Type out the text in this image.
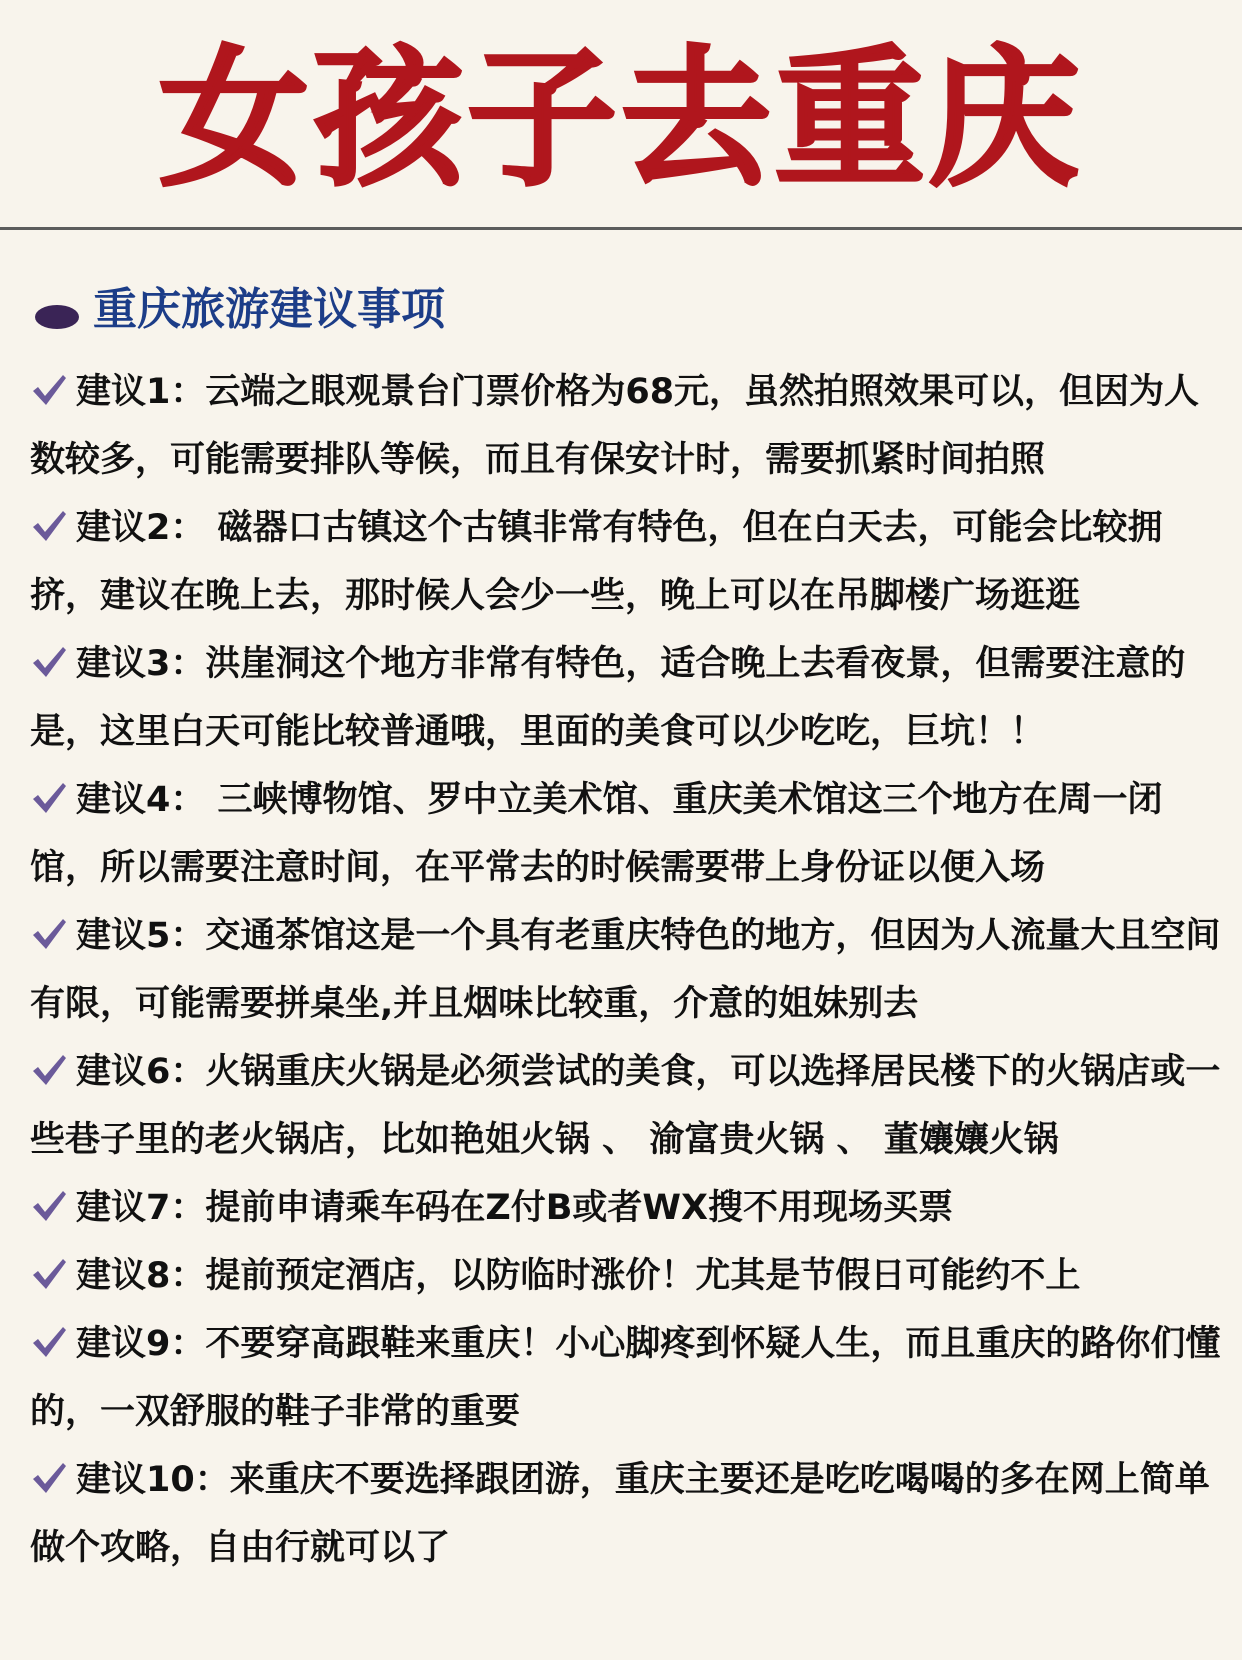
女孩子去重庆
重庆旅游建议事项
建议1：云端之眼观景台门票价格为68元，虽然拍照效果可以，但因为人数较多，可能需要排队等候，而且有保安计时，需要抓紧时间拍照
建议2： 磁器口古镇这个古镇非常有特色，但在白天去，可能会比较拥挤，建议在晚上去，那时候人会少一些，晚上可以在吊脚楼广场逛逛
建议3：洪崖洞这个地方非常有特色，适合晚上去看夜景，但需要注意的是，这里白天可能比较普通哦，里面的美食可以少吃吃，巨坑！！
建议4： 三峡博物馆、罗中立美术馆、重庆美术馆这三个地方在周一闭馆，所以需要注意时间，在平常去的时候需要带上身份证以便入场
建议5：交通茶馆这是一个具有老重庆特色的地方，但因为人流量大且空间有限，可能需要拼桌坐,并且烟味比较重，介意的姐妹别去
建议6：火锅重庆火锅是必须尝试的美食，可以选择居民楼下的火锅店或一些巷子里的老火锅店，比如艳姐火锅 、 渝富贵火锅 、 董孃孃火锅
建议7：提前申请乘车码在Z付B或者WX搜不用现场买票
建议8：提前预定酒店，以防临时涨价！尤其是节假日可能约不上
建议9：不要穿高跟鞋来重庆！小心脚疼到怀疑人生，而且重庆的路你们懂的，一双舒服的鞋子非常的重要
建议10：来重庆不要选择跟团游，重庆主要还是吃吃喝喝的多在网上简单做个攻略，自由行就可以了
